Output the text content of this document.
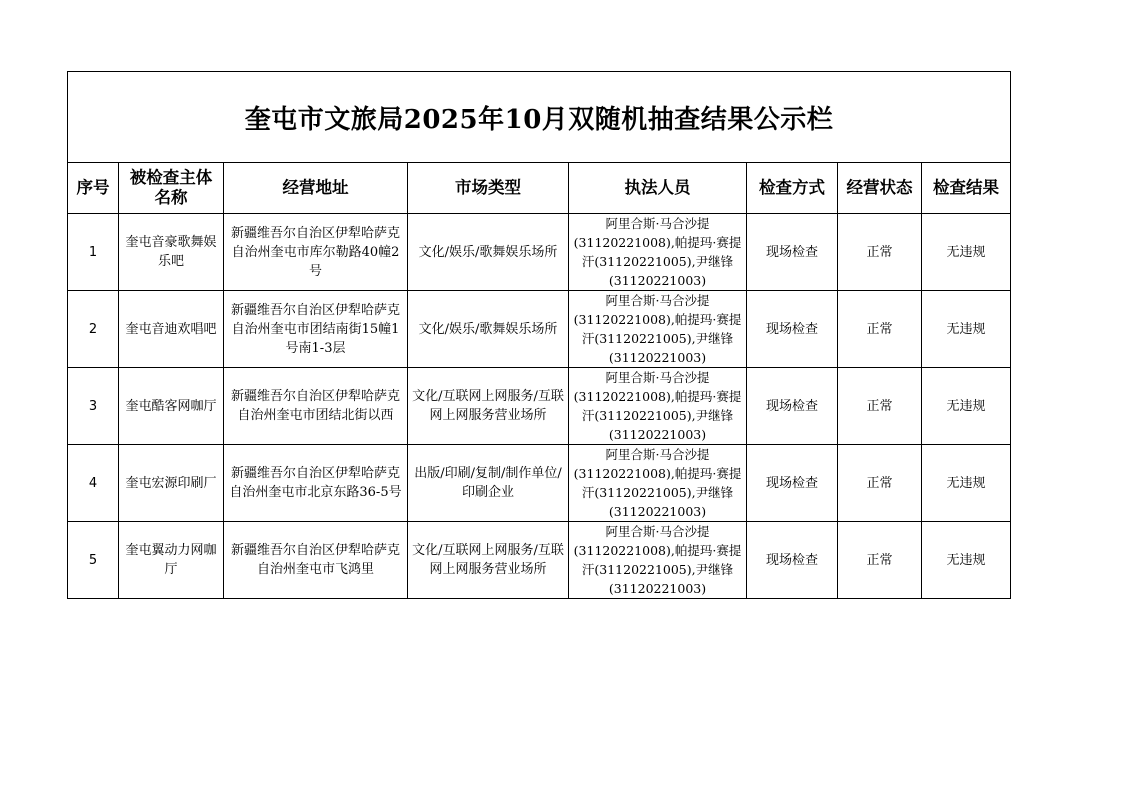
奎屯市文旅局2025年10月双随机抽查结果公示栏							
序号	被检查主体名称	经营地址	市场类型	执法人员	检查方式	经营状态	检查结果
1	奎屯音豪歌舞娱乐吧	新疆维吾尔自治区伊犁哈萨克自治州奎屯市库尔勒路40幢2号	文化/娱乐/歌舞娱乐场所	阿里合斯·马合沙提(31120221008),帕提玛·赛提汗(31120221005),尹继锋(31120221003)	现场检查	正常	无违规
2	奎屯音迪欢唱吧	新疆维吾尔自治区伊犁哈萨克自治州奎屯市团结南街15幢1号南1-3层	文化/娱乐/歌舞娱乐场所	阿里合斯·马合沙提(31120221008),帕提玛·赛提汗(31120221005),尹继锋(31120221003)	现场检查	正常	无违规
3	奎屯酷客网咖厅	新疆维吾尔自治区伊犁哈萨克自治州奎屯市团结北街以西	文化/互联网上网服务/互联网上网服务营业场所	阿里合斯·马合沙提(31120221008),帕提玛·赛提汗(31120221005),尹继锋(31120221003)	现场检查	正常	无违规
4	奎屯宏源印刷厂	新疆维吾尔自治区伊犁哈萨克自治州奎屯市北京东路36-5号	出版/印刷/复制/制作单位/印刷企业	阿里合斯·马合沙提(31120221008),帕提玛·赛提汗(31120221005),尹继锋(31120221003)	现场检查	正常	无违规
5	奎屯翼动力网咖厅	新疆维吾尔自治区伊犁哈萨克自治州奎屯市飞鸿里	文化/互联网上网服务/互联网上网服务营业场所	阿里合斯·马合沙提(31120221008),帕提玛·赛提汗(31120221005),尹继锋(31120221003)	现场检查	正常	无违规
